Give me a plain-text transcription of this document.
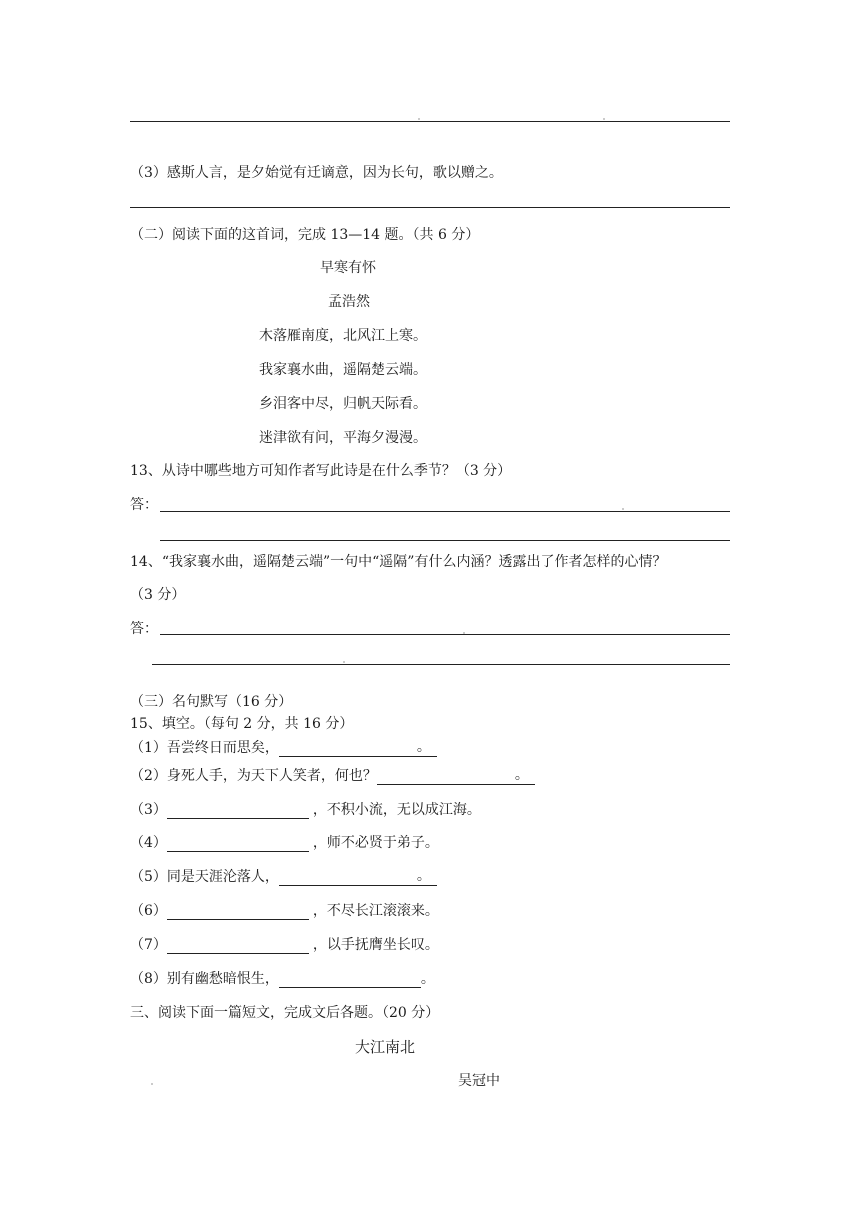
（3）感斯人言，是夕始觉有迁谪意，因为长句，歌以赠之。
（二）阅读下面的这首词，完成 13—14 题。（共 6 分）
早寒有怀
孟浩然
木落雁南度，北风江上寒。
我家襄水曲，遥隔楚云端。
乡泪客中尽，归帆天际看。
迷津欲有问，平海夕漫漫。
13、从诗中哪些地方可知作者写此诗是在什么季节？（3 分）
答：
14、“我家襄水曲，遥隔楚云端”一句中“遥隔”有什么内涵？透露出了作者怎样的心情？
（3 分）
答：
（三）名句默写（16 分）
15、填空。（每句 2 分，共 16 分）
（1）吾尝终日而思矣，	。
（2）身死人手，为天下人笑者，何也？	。
（3）	，不积小流，无以成江海。
（4）	，师不必贤于弟子。
（5）同是天涯沦落人，	。
（6）	，不尽长江滚滚来。
（7）	，以手抚膺坐长叹。
（8）别有幽愁暗恨生，	。
三、阅读下面一篇短文，完成文后各题。（20 分）
大江南北
吴冠中
